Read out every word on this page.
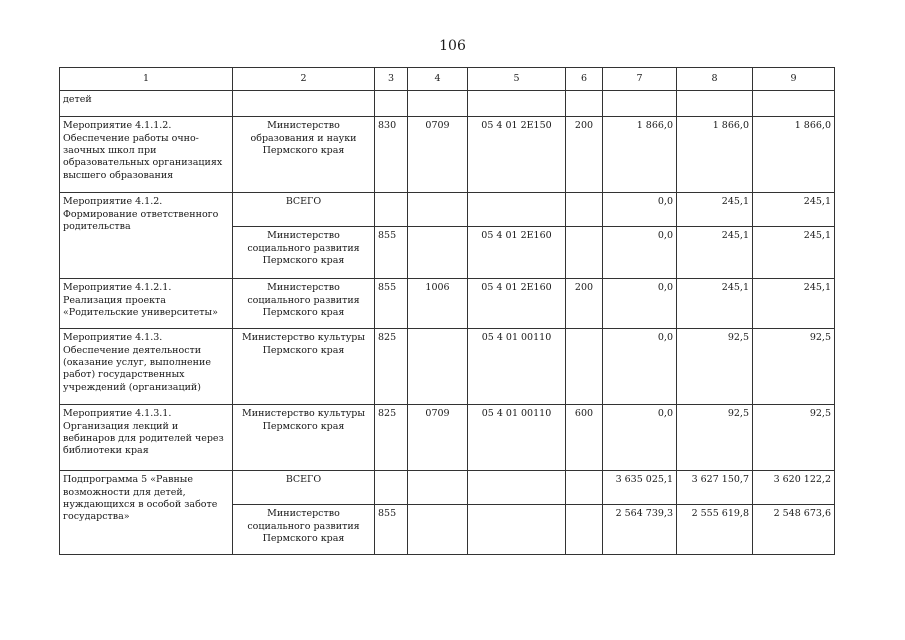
106
1	2	3	4	5	6	7	8	9
детей								
Мероприятие 4.1.1.2. Обеспечение работы очно-заочных школ при образовательных организациях высшего образования	Министерство образования и науки Пермского края	830	0709	05 4 01 2Е150	200	1 866,0	1 866,0	1 866,0
Мероприятие 4.1.2. Формирование ответственного родительства	ВСЕГО					0,0	245,1	245,1
	Министерство социального развития Пермского края	855		05 4 01 2Е160		0,0	245,1	245,1
Мероприятие 4.1.2.1. Реализация проекта «Родительские университеты»	Министерство социального развития Пермского края	855	1006	05 4 01 2Е160	200	0,0	245,1	245,1
Мероприятие 4.1.3. Обеспечение деятельности (оказание услуг, выполнение работ) государственных учреждений (организаций)	Министерство культуры Пермского края	825		05 4 01 00110		0,0	92,5	92,5
Мероприятие 4.1.3.1. Организация лекций и вебинаров для родителей через библиотеки края	Министерство культуры Пермского края	825	0709	05 4 01 00110	600	0,0	92,5	92,5
Подпрограмма 5 «Равные возможности для детей, нуждающихся в особой заботе государства»	ВСЕГО					3 635 025,1	3 627 150,7	3 620 122,2
	Министерство социального развития Пермского края	855				2 564 739,3	2 555 619,8	2 548 673,6
